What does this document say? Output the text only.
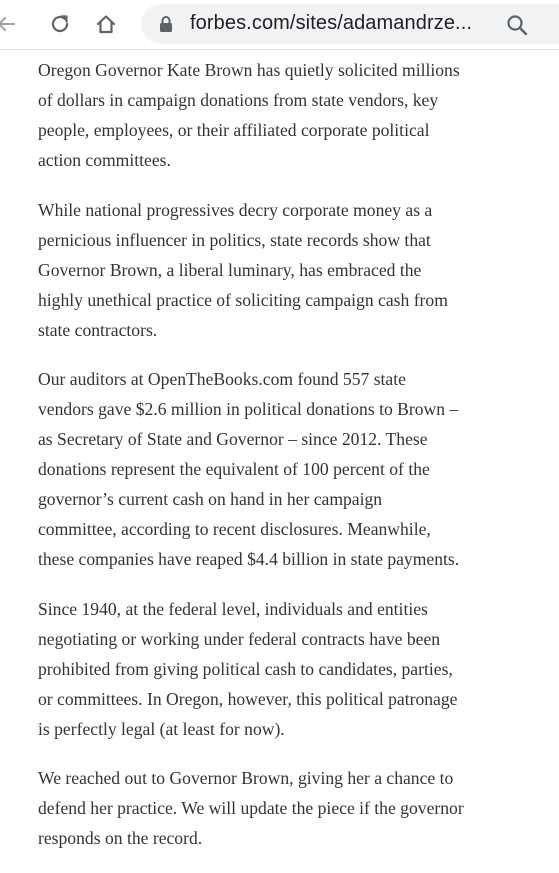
forbes.com/sites/adamandrze...

Oregon Governor Kate Brown has quietly solicited millions
of dollars in campaign donations from state vendors, key
people, employees, or their affiliated corporate political
action committees.

While national progressives decry corporate money as a
pernicious influencer in politics, state records show that
Governor Brown, a liberal luminary, has embraced the
highly unethical practice of soliciting campaign cash from
state contractors.

Our auditors at OpenTheBooks.com found 557 state
vendors gave $2.6 million in political donations to Brown –
as Secretary of State and Governor – since 2012. These
donations represent the equivalent of 100 percent of the
governor’s current cash on hand in her campaign
committee, according to recent disclosures. Meanwhile,
these companies have reaped $4.4 billion in state payments.

Since 1940, at the federal level, individuals and entities
negotiating or working under federal contracts have been
prohibited from giving political cash to candidates, parties,
or committees. In Oregon, however, this political patronage
is perfectly legal (at least for now).

We reached out to Governor Brown, giving her a chance to
defend her practice. We will update the piece if the governor
responds on the record.
